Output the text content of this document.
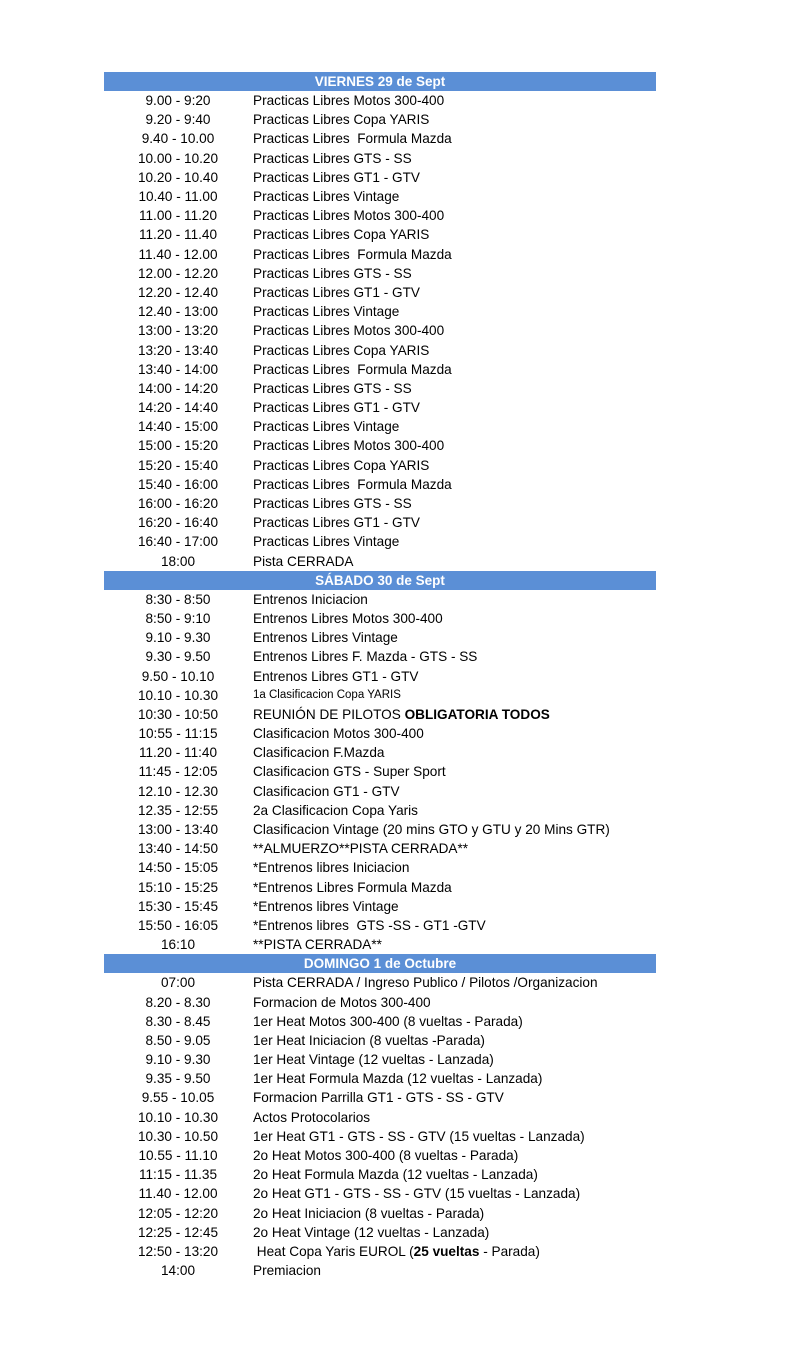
VIERNES 29 de Sept
9.00 - 9:20	Practicas Libres Motos 300-400
9.20 - 9:40	Practicas Libres Copa YARIS
9.40 - 10.00	Practicas Libres  Formula Mazda
10.00 - 10.20	Practicas Libres GTS - SS
10.20 - 10.40	Practicas Libres GT1 - GTV
10.40 - 11.00	Practicas Libres Vintage
11.00 - 11.20	Practicas Libres Motos 300-400
11.20 - 11.40	Practicas Libres Copa YARIS
11.40 - 12.00	Practicas Libres  Formula Mazda
12.00 - 12.20	Practicas Libres GTS - SS
12.20 - 12.40	Practicas Libres GT1 - GTV
12.40 - 13:00	Practicas Libres Vintage
13:00 - 13:20	Practicas Libres Motos 300-400
13:20 - 13:40	Practicas Libres Copa YARIS
13:40 - 14:00	Practicas Libres  Formula Mazda
14:00 - 14:20	Practicas Libres GTS - SS
14:20 - 14:40	Practicas Libres GT1 - GTV
14:40 - 15:00	Practicas Libres Vintage
15:00 - 15:20	Practicas Libres Motos 300-400
15:20 - 15:40	Practicas Libres Copa YARIS
15:40 - 16:00	Practicas Libres  Formula Mazda
16:00 - 16:20	Practicas Libres GTS - SS
16:20 - 16:40	Practicas Libres GT1 - GTV
16:40 - 17:00	Practicas Libres Vintage
18:00	Pista CERRADA
SÁBADO 30 de Sept
8:30 - 8:50	Entrenos Iniciacion
8:50 - 9:10	Entrenos Libres Motos 300-400
9.10 - 9.30	Entrenos Libres Vintage
9.30 - 9.50	Entrenos Libres F. Mazda - GTS - SS
9.50 - 10.10	Entrenos Libres GT1 - GTV
10.10 - 10.30	1a Clasificacion Copa YARIS
10:30 - 10:50	REUNIÓN DE PILOTOS OBLIGATORIA TODOS
10:55 - 11:15	Clasificacion Motos 300-400
11.20 - 11:40	Clasificacion F.Mazda
11:45 - 12:05	Clasificacion GTS - Super Sport
12.10 - 12.30	Clasificacion GT1 - GTV
12.35 - 12:55	2a Clasificacion Copa Yaris
13:00 - 13:40	Clasificacion Vintage (20 mins GTO y GTU y 20 Mins GTR)
13:40 - 14:50	**ALMUERZO**PISTA CERRADA**
14:50 - 15:05	*Entrenos libres Iniciacion
15:10 - 15:25	*Entrenos Libres Formula Mazda
15:30 - 15:45	*Entrenos libres Vintage
15:50 - 16:05	*Entrenos libres  GTS -SS - GT1 -GTV
16:10	**PISTA CERRADA**
DOMINGO 1 de Octubre
07:00	Pista CERRADA / Ingreso Publico / Pilotos /Organizacion
8.20 - 8.30	Formacion de Motos 300-400
8.30 - 8.45	1er Heat Motos 300-400 (8 vueltas - Parada)
8.50 - 9.05	1er Heat Iniciacion (8 vueltas -Parada)
9.10 - 9.30	1er Heat Vintage (12 vueltas - Lanzada)
9.35 - 9.50	1er Heat Formula Mazda (12 vueltas - Lanzada)
9.55 - 10.05	Formacion Parrilla GT1 - GTS - SS - GTV
10.10 - 10.30	Actos Protocolarios
10.30 - 10.50	1er Heat GT1 - GTS - SS - GTV (15 vueltas - Lanzada)
10.55 - 11.10	2o Heat Motos 300-400 (8 vueltas - Parada)
11:15 - 11.35	2o Heat Formula Mazda (12 vueltas - Lanzada)
11.40 - 12.00	2o Heat GT1 - GTS - SS - GTV (15 vueltas - Lanzada)
12:05 - 12:20	2o Heat Iniciacion (8 vueltas - Parada)
12:25 - 12:45	2o Heat Vintage (12 vueltas - Lanzada)
12:50 - 13:20	Heat Copa Yaris EUROL (25 vueltas - Parada)
14:00	Premiacion
